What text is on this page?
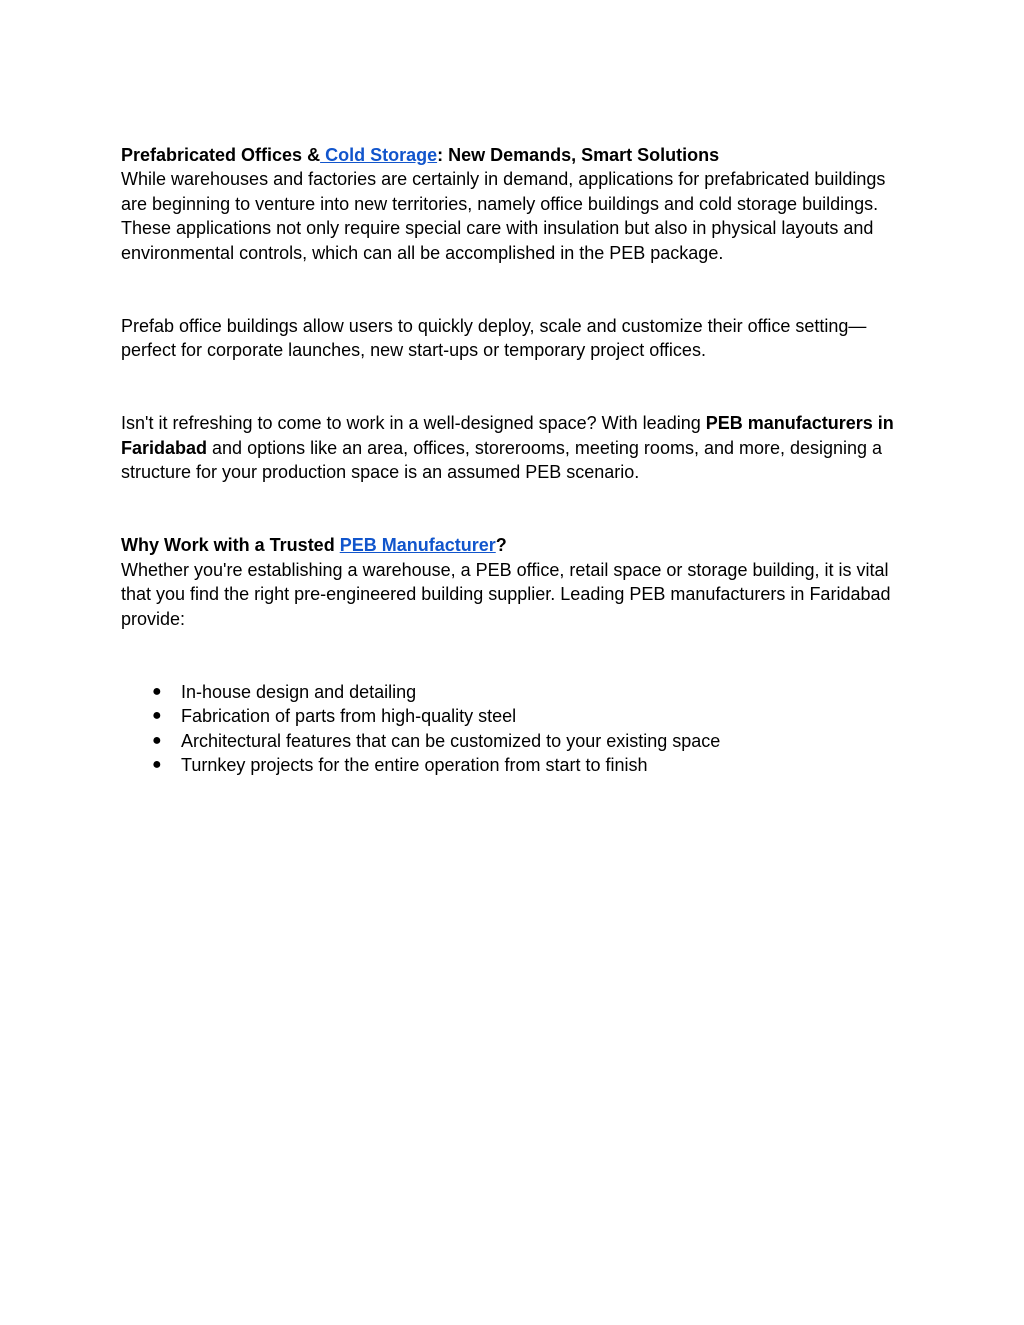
Prefabricated Offices & Cold Storage: New Demands, Smart Solutions

While warehouses and factories are certainly in demand, applications for prefabricated buildings are beginning to venture into new territories, namely office buildings and cold storage buildings. These applications not only require special care with insulation but also in physical layouts and environmental controls, which can all be accomplished in the PEB package.

Prefab office buildings allow users to quickly deploy, scale and customize their office setting—perfect for corporate launches, new start-ups or temporary project offices.

Isn't it refreshing to come to work in a well-designed space? With leading PEB manufacturers in Faridabad and options like an area, offices, storerooms, meeting rooms, and more, designing a structure for your production space is an assumed PEB scenario.

Why Work with a Trusted PEB Manufacturer?

Whether you're establishing a warehouse, a PEB office, retail space or storage building, it is vital that you find the right pre-engineered building supplier. Leading PEB manufacturers in Faridabad provide:

● In-house design and detailing
● Fabrication of parts from high-quality steel
● Architectural features that can be customized to your existing space
● Turnkey projects for the entire operation from start to finish
